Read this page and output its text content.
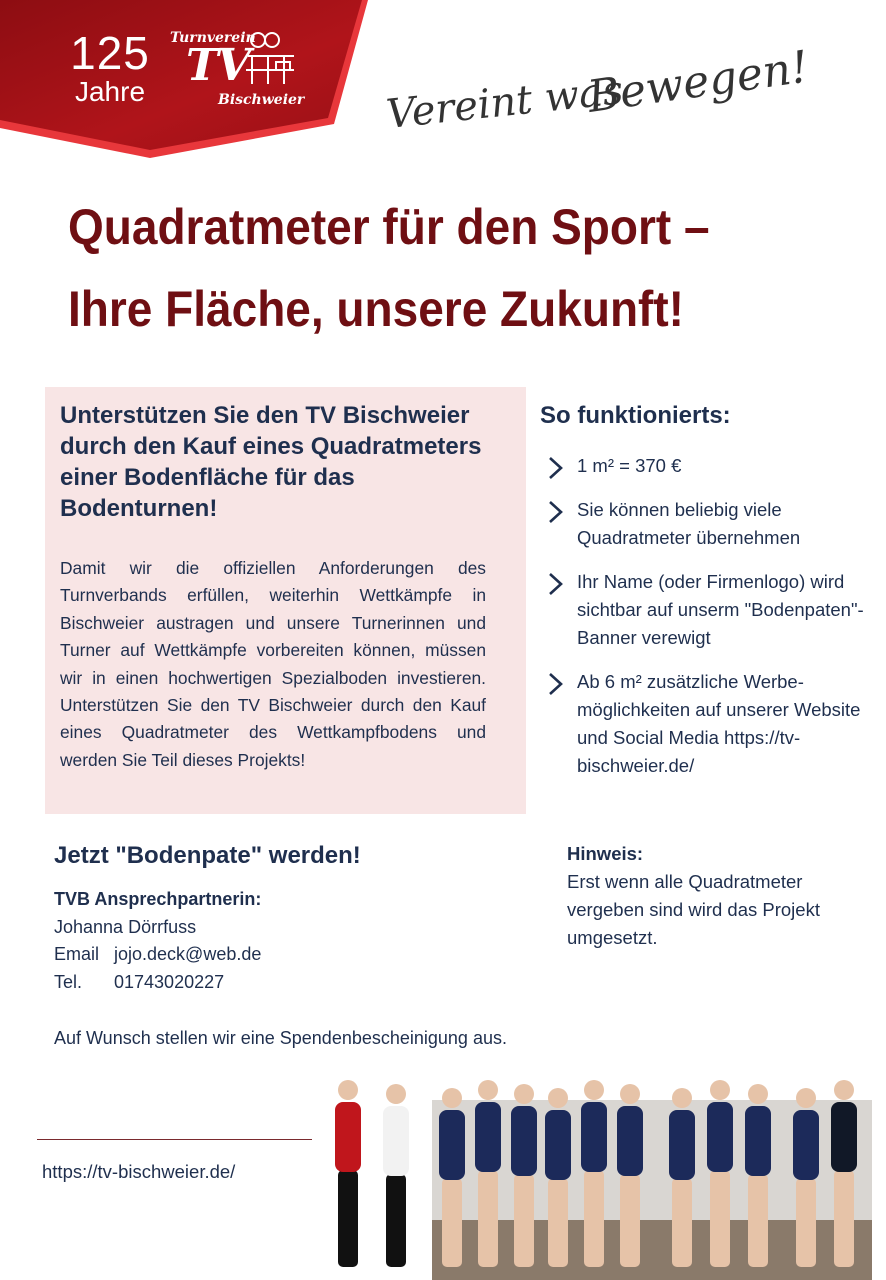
125
Jahre
Turnverein
TV
Bischweier Vereint was
Bewegen!
Quadratmeter für den Sport –
Ihre Fläche, unsere Zukunft!
Unterstützen Sie den TV Bischweier durch den Kauf eines Quadratmeters einer Bodenfläche für das Bodenturnen!

Damit wir die offiziellen Anforderungen des Turnverbands erfüllen, weiterhin Wettkämpfe in Bischweier austragen und unsere Turnerinnen und Turner auf Wettkämpfe vorbereiten können, müssen wir in einen hochwertigen Spezialboden investieren. Unterstützen Sie den TV Bischweier durch den Kauf eines Quadratmeter des Wettkampfbodens und werden Sie Teil dieses Projekts!

So funktionierts:
1 m² = 370 €
Sie können beliebig viele Quadratmeter übernehmen
Ihr Name (oder Firmenlogo) wird sichtbar auf unserm "Bodenpaten"-Banner verewigt
Ab 6 m² zusätzliche Werbe-möglichkeiten auf unserer Website und Social Media https://tv-bischweier.de/
Jetzt "Bodenpate" werden!
TVB Ansprechpartnerin:
Johanna Dörrfuss
Email jojo.deck@web.de
Tel. 01743020227
Auf Wunsch stellen wir eine Spendenbescheinigung aus.
Hinweis:
Erst wenn alle Quadratmeter vergeben sind wird das Projekt umgesetzt.
https://tv-bischweier.de/
